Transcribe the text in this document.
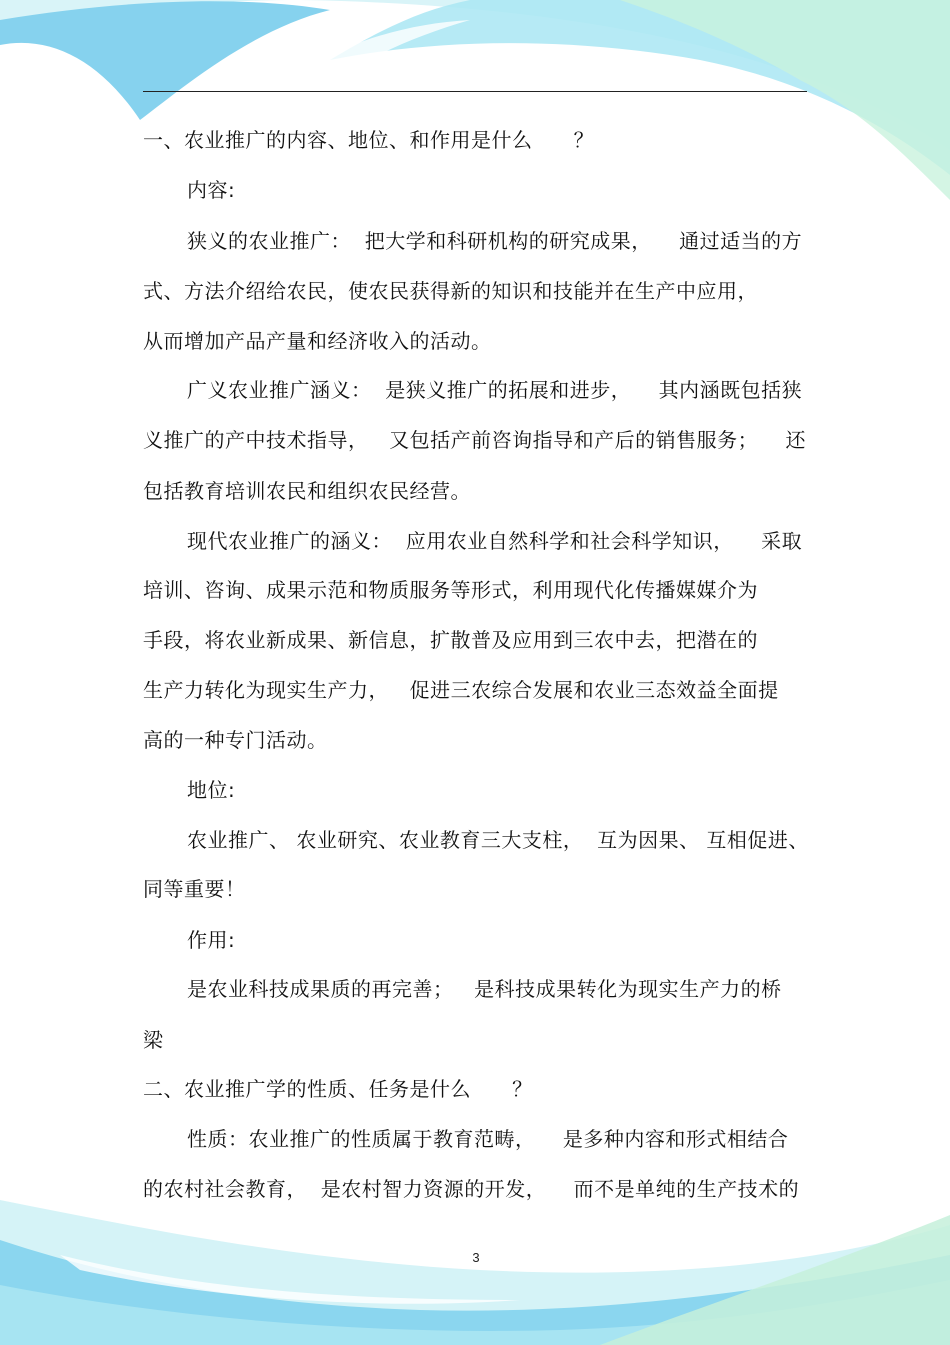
一、农业推广的内容、地位、和作用是什么      ？
内容:
狭义的农业推广：  把大学和科研机构的研究成果，    通过适当的方
式、方法介绍给农民，使农民获得新的知识和技能并在生产中应用，
从而增加产品产量和经济收入的活动。
广义农业推广涵义：  是狭义推广的拓展和进步，    其内涵既包括狭
义推广的产中技术指导，   又包括产前咨询指导和产后的销售服务；    还
包括教育培训农民和组织农民经营。
现代农业推广的涵义：  应用农业自然科学和社会科学知识，    采取
培训、咨询、成果示范和物质服务等形式，利用现代化传播媒媒介为
手段，将农业新成果、新信息，扩散普及应用到三农中去，把潜在的
生产力转化为现实生产力，   促进三农综合发展和农业三态效益全面提
高的一种专门活动。
地位:
农业推广、 农业研究、农业教育三大支柱，  互为因果、 互相促进、
同等重要！
作用:
是农业科技成果质的再完善；   是科技成果转化为现实生产力的桥
梁
二、农业推广学的性质、任务是什么      ？
性质：农业推广的性质属于教育范畴，    是多种内容和形式相结合
的农村社会教育，  是农村智力资源的开发，    而不是单纯的生产技术的
3
